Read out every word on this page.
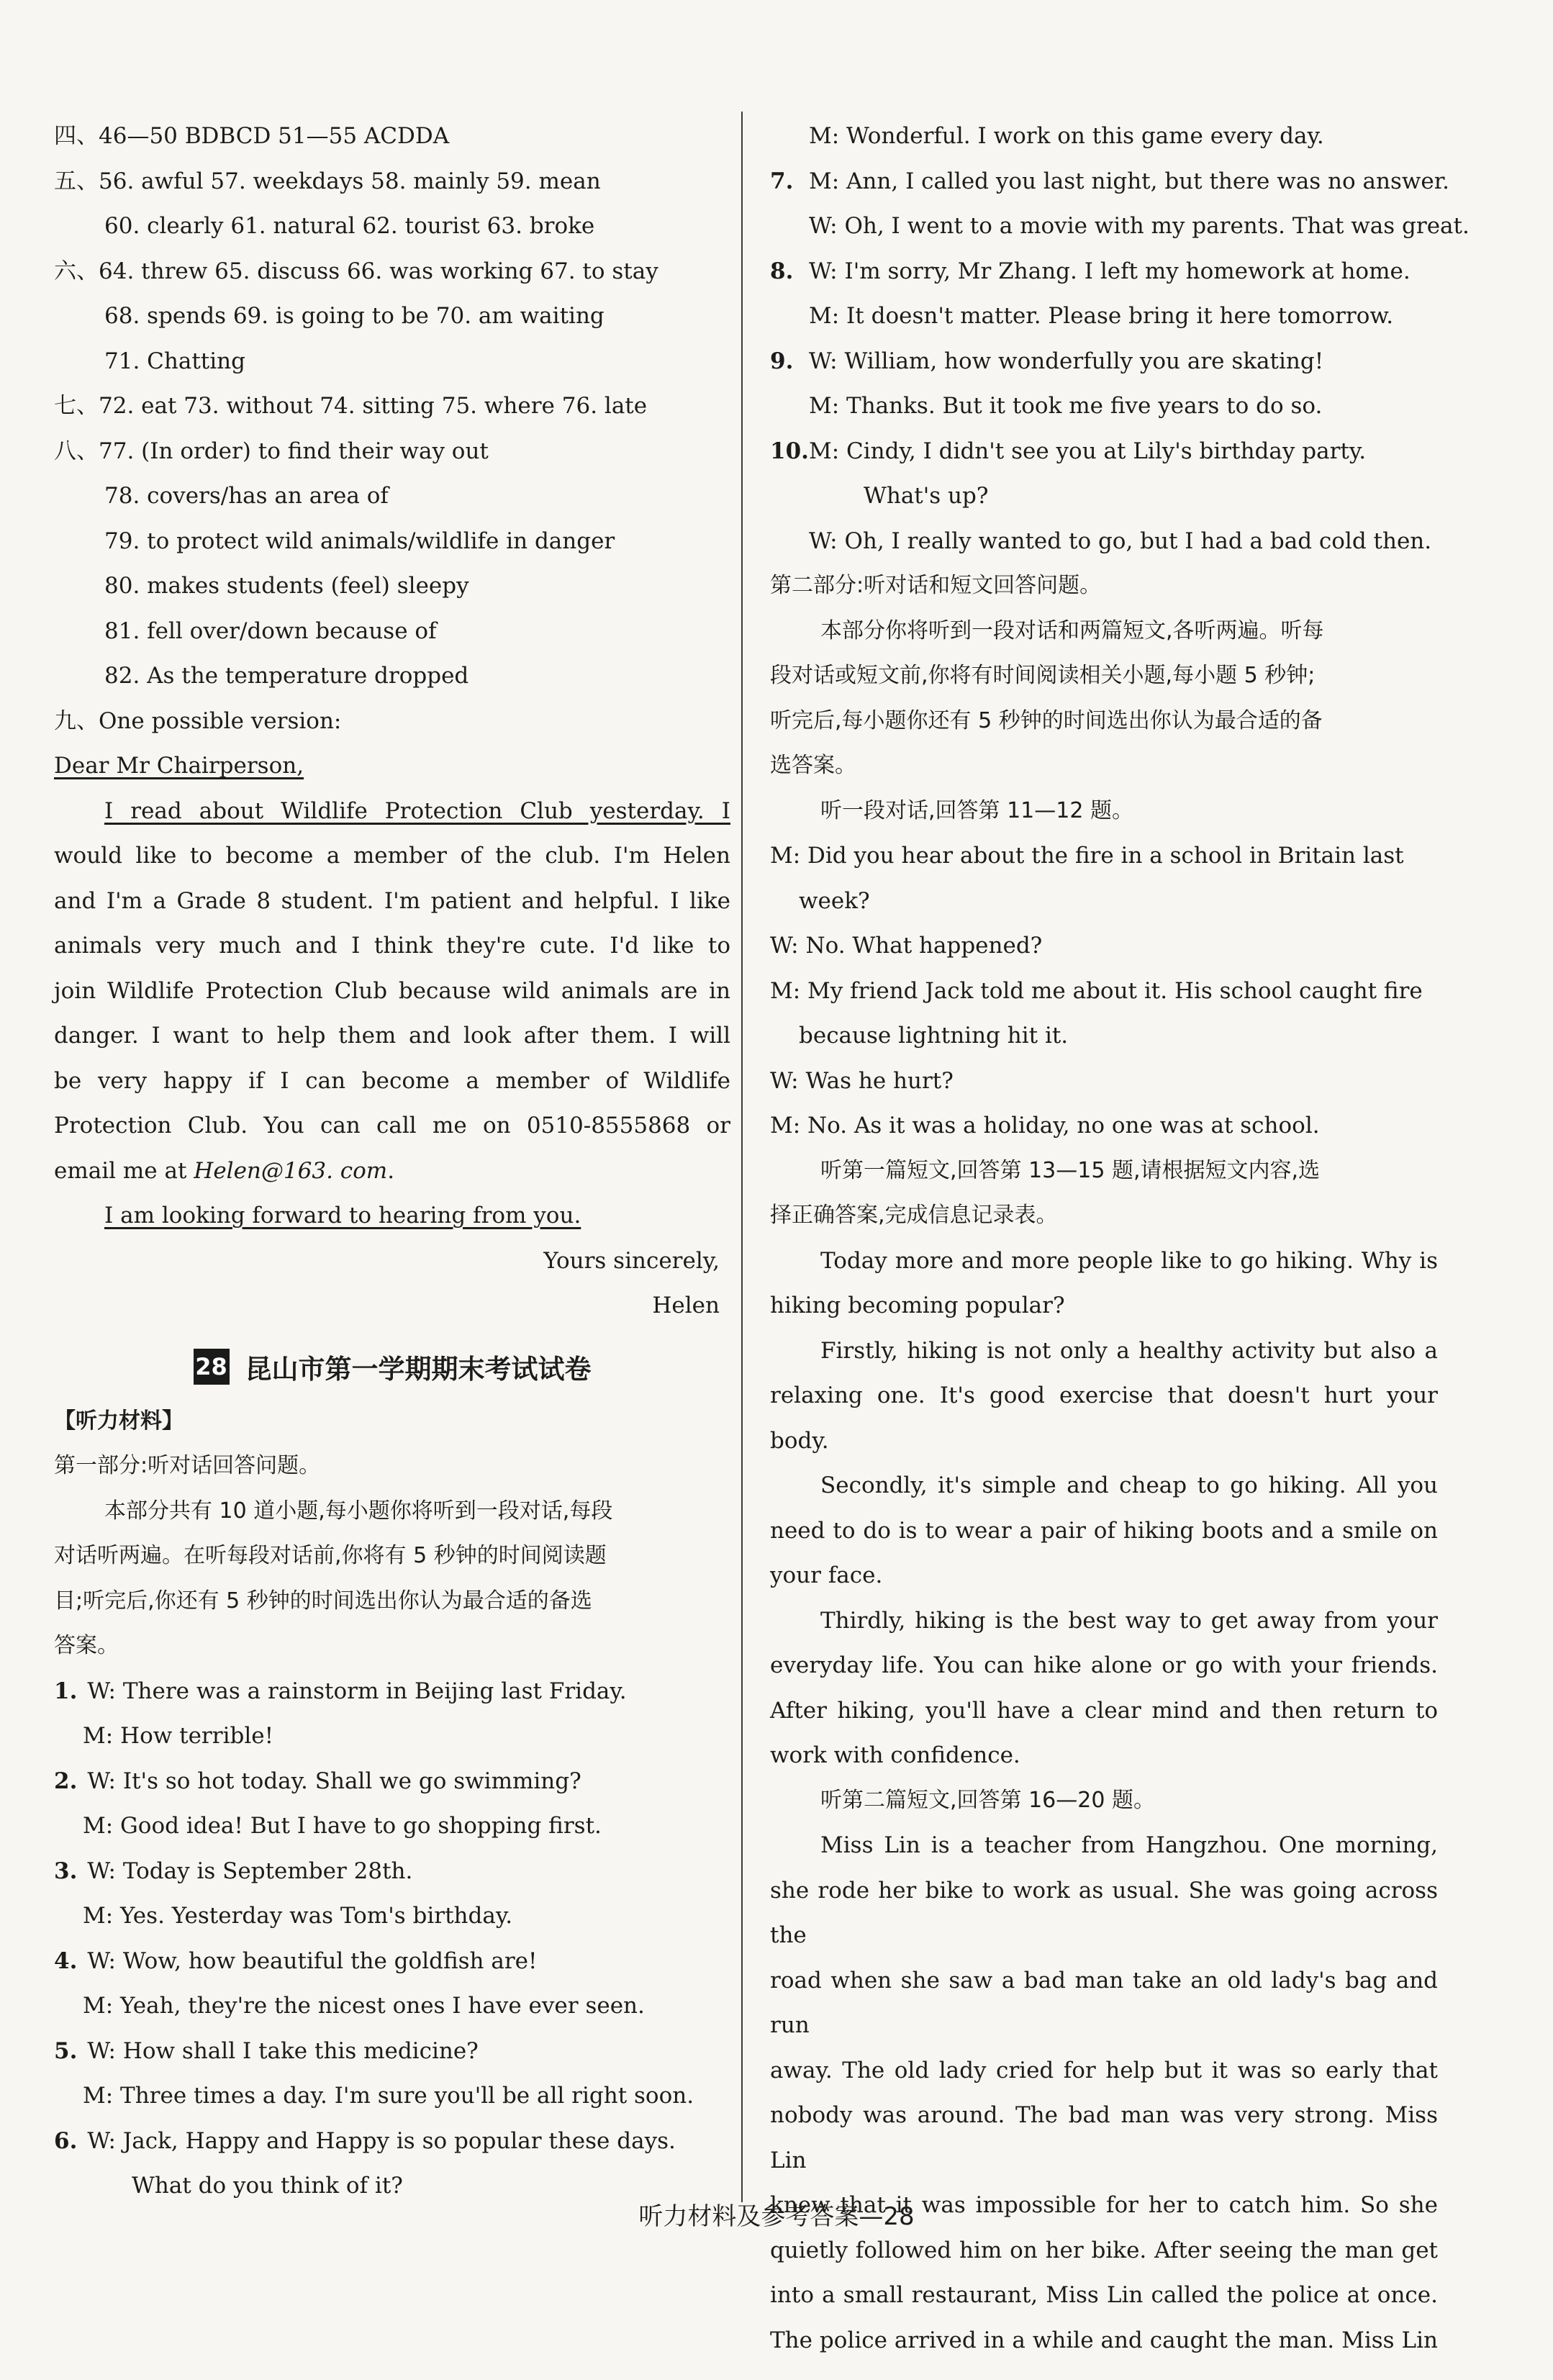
四、46—50 BDBCD 51—55 ACDDA
五、56. awful 57. weekdays 58. mainly 59. mean
60. clearly 61. natural 62. tourist 63. broke
六、64. threw 65. discuss 66. was working 67. to stay
68. spends 69. is going to be 70. am waiting
71. Chatting
七、72. eat 73. without 74. sitting 75. where 76. late
八、77. (In order) to find their way out
78. covers/has an area of
79. to protect wild animals/wildlife in danger
80. makes students (feel) sleepy
81. fell over/down because of
82. As the temperature dropped
九、One possible version:
Dear Mr Chairperson,
I read about Wildlife Protection Club yesterday. I
would like to become a member of the club. I'm Helen
and I'm a Grade 8 student. I'm patient and helpful. I like
animals very much and I think they're cute. I'd like to
join Wildlife Protection Club because wild animals are in
danger. I want to help them and look after them. I will
be very happy if I can become a member of Wildlife
Protection Club. You can call me on 0510-8555868 or
email me at Helen@163. com.
I am looking forward to hearing from you.
Yours sincerely,
Helen
28 昆山市第一学期期末考试试卷
【听力材料】
第一部分:听对话回答问题。
本部分共有 10 道小题,每小题你将听到一段对话,每段
对话听两遍。在听每段对话前,你将有 5 秒钟的时间阅读题
目;听完后,你还有 5 秒钟的时间选出你认为最合适的备选
答案。
1. W: There was a rainstorm in Beijing last Friday.
M: How terrible!
2. W: It's so hot today. Shall we go swimming?
M: Good idea! But I have to go shopping first.
3. W: Today is September 28th.
M: Yes. Yesterday was Tom's birthday.
4. W: Wow, how beautiful the goldfish are!
M: Yeah, they're the nicest ones I have ever seen.
5. W: How shall I take this medicine?
M: Three times a day. I'm sure you'll be all right soon.
6. W: Jack, Happy and Happy is so popular these days.
What do you think of it?
M: Wonderful. I work on this game every day.
7. M: Ann, I called you last night, but there was no answer.
W: Oh, I went to a movie with my parents. That was great.
8. W: I'm sorry, Mr Zhang. I left my homework at home.
M: It doesn't matter. Please bring it here tomorrow.
9. W: William, how wonderfully you are skating!
M: Thanks. But it took me five years to do so.
10.M: Cindy, I didn't see you at Lily's birthday party.
What's up?
W: Oh, I really wanted to go, but I had a bad cold then.
第二部分:听对话和短文回答问题。
本部分你将听到一段对话和两篇短文,各听两遍。听每
段对话或短文前,你将有时间阅读相关小题,每小题 5 秒钟;
听完后,每小题你还有 5 秒钟的时间选出你认为最合适的备
选答案。
听一段对话,回答第 11—12 题。
M: Did you hear about the fire in a school in Britain last
week?
W: No. What happened?
M: My friend Jack told me about it. His school caught fire
because lightning hit it.
W: Was he hurt?
M: No. As it was a holiday, no one was at school.
听第一篇短文,回答第 13—15 题,请根据短文内容,选
择正确答案,完成信息记录表。
Today more and more people like to go hiking. Why is
hiking becoming popular?
Firstly, hiking is not only a healthy activity but also a
relaxing one. It's good exercise that doesn't hurt your body.
Secondly, it's simple and cheap to go hiking. All you
need to do is to wear a pair of hiking boots and a smile on
your face.
Thirdly, hiking is the best way to get away from your
everyday life. You can hike alone or go with your friends.
After hiking, you'll have a clear mind and then return to
work with confidence.
听第二篇短文,回答第 16—20 题。
Miss Lin is a teacher from Hangzhou. One morning,
she rode her bike to work as usual. She was going across the
road when she saw a bad man take an old lady's bag and run
away. The old lady cried for help but it was so early that
nobody was around. The bad man was very strong. Miss Lin
knew that it was impossible for her to catch him. So she
quietly followed him on her bike. After seeing the man get
into a small restaurant, Miss Lin called the police at once.
The police arrived in a while and caught the man. Miss Lin
听力材料及参考答案—28
